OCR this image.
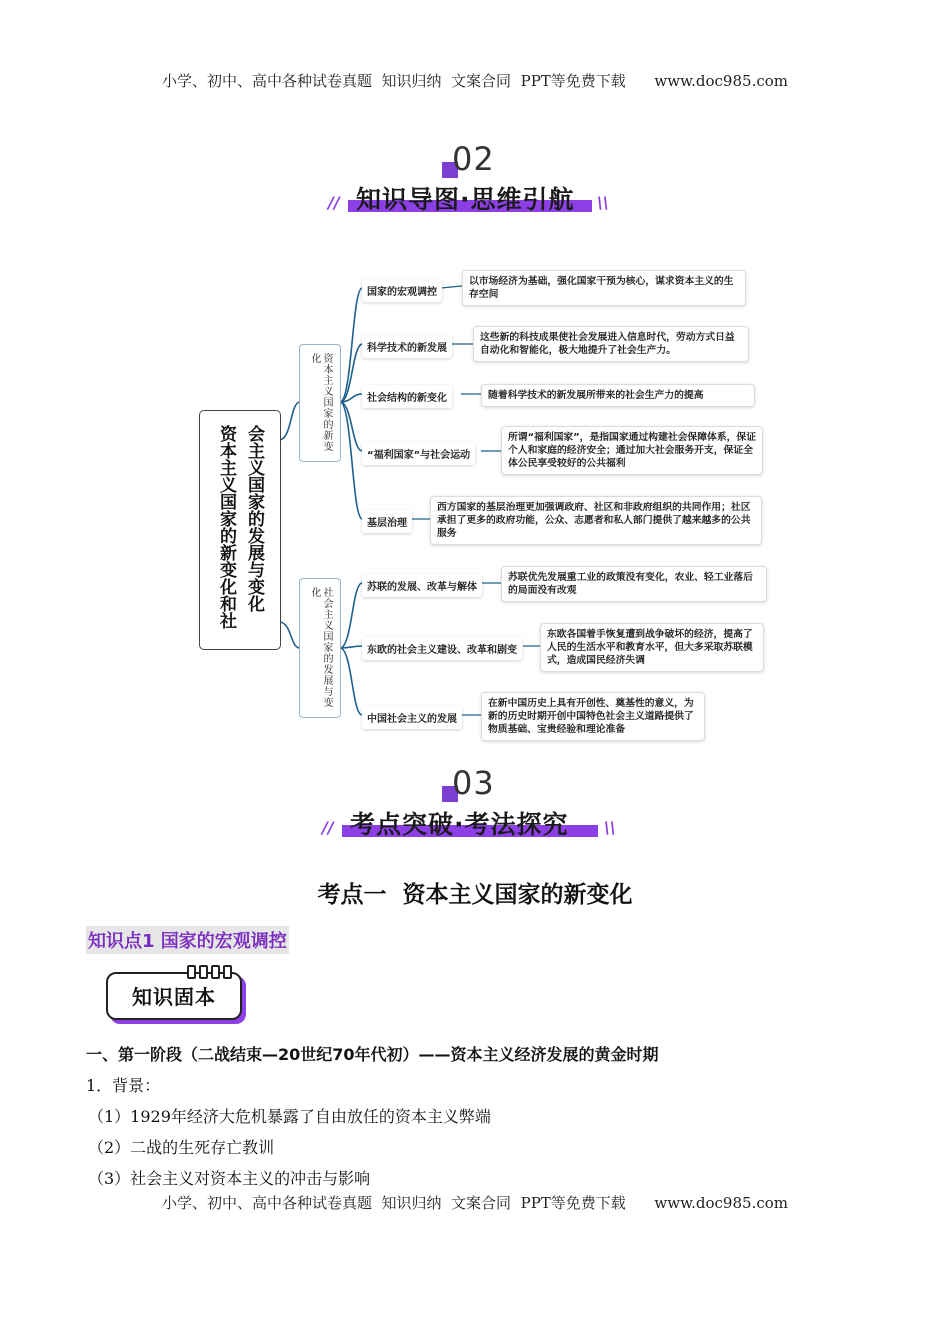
小学、初中、高中各种试卷真题  知识归纳  文案合同  PPT等免费下载      www.doc985.com
02
//	\\
知识导图·思维引航
会主义国家的发展与变化
资本主义国家的新变化和社
资本主义国家的新变化
社会主义国家的发展与变化
国家的宏观调控
科学技术的新发展
社会结构的新变化
“福利国家”与社会运动
基层治理
以市场经济为基础，强化国家干预为核心，谋求资本主义的生存空间
这些新的科技成果使社会发展进入信息时代，劳动方式日益自动化和智能化，极大地提升了社会生产力。
随着科学技术的新发展所带来的社会生产力的提高
所谓“福利国家”，是指国家通过构建社会保障体系，保证个人和家庭的经济安全；通过加大社会服务开支，保证全体公民享受较好的公共福利
西方国家的基层治理更加强调政府、社区和非政府组织的共同作用；社区承担了更多的政府功能，公众、志愿者和私人部门提供了越来越多的公共服务
苏联的发展、改革与解体
东欧的社会主义建设、改革和剧变
中国社会主义的发展
苏联优先发展重工业的政策没有变化，农业、轻工业落后的局面没有改观
东欧各国着手恢复遭到战争破坏的经济，提高了人民的生活水平和教育水平，但大多采取苏联模式，造成国民经济失调
在新中国历史上具有开创性、奠基性的意义，为新的历史时期开创中国特色社会主义道路提供了物质基础、宝贵经验和理论准备
03
//	\\
考点突破·考法探究
考点一  资本主义国家的新变化
知识点1 国家的宏观调控
知识固本
一、第一阶段（二战结束—20世纪70年代初）——资本主义经济发展的黄金时期
1．背景：
（1）1929年经济大危机暴露了自由放任的资本主义弊端
（2）二战的生死存亡教训
（3）社会主义对资本主义的冲击与影响
小学、初中、高中各种试卷真题  知识归纳  文案合同  PPT等免费下载      www.doc985.com
